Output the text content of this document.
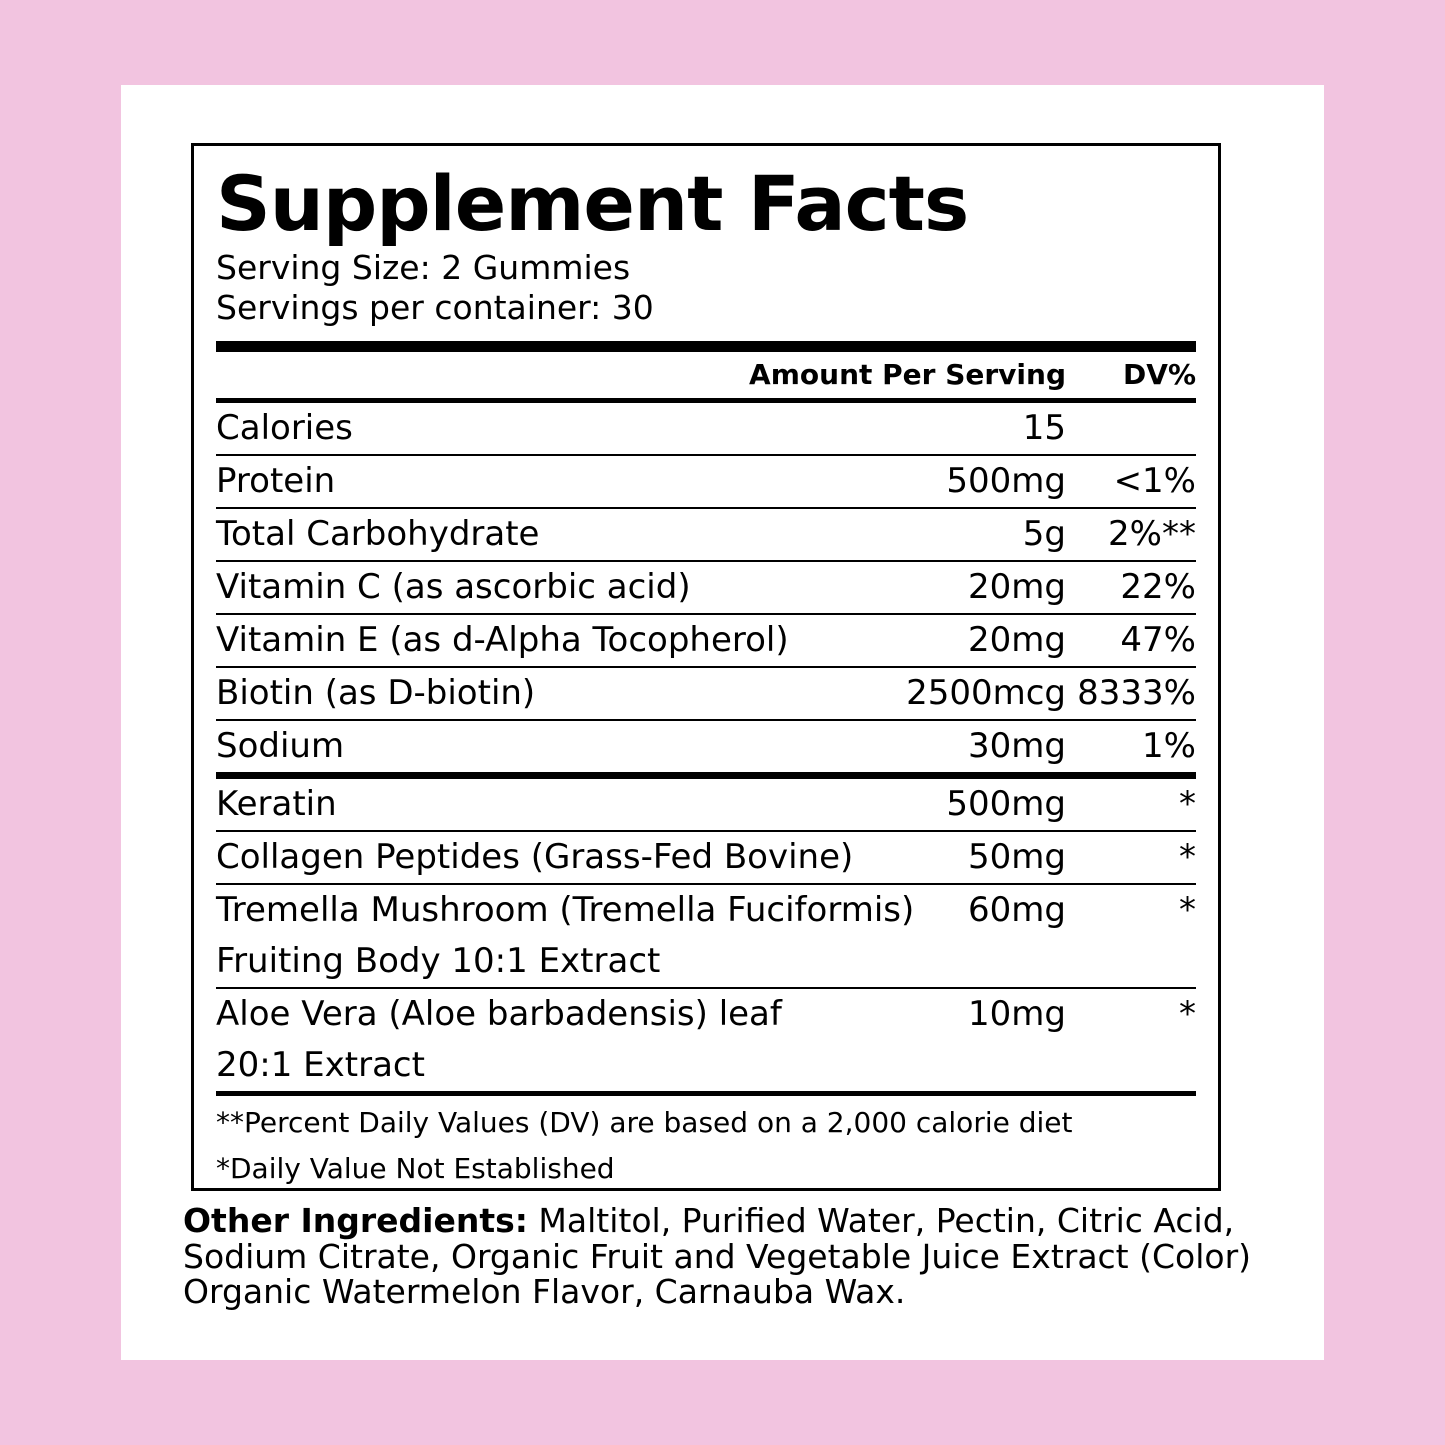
Supplement Facts
Serving Size: 2 Gummies
Servings per container: 30
Amount Per Serving	DV%
Calories	15	
Protein	500mg	<1%
Total Carbohydrate	5g	2%**
Vitamin C (as ascorbic acid)	20mg	22%
Vitamin E (as d-Alpha Tocopherol)	20mg	47%
Biotin (as D-biotin)	2500mcg	8333%
Sodium	30mg	1%
Keratin	500mg	*
Collagen Peptides (Grass-Fed Bovine)	50mg	*
Tremella Mushroom (Tremella Fuciformis)	60mg	*
Fruiting Body 10:1 Extract		
Aloe Vera (Aloe barbadensis) leaf	10mg	*
20:1 Extract		
**Percent Daily Values (DV) are based on a 2,000 calorie diet
*Daily Value Not Established
Other Ingredients: Maltitol, Purified Water, Pectin, Citric Acid, Sodium Citrate, Organic Fruit and Vegetable Juice Extract (Color) Organic Watermelon Flavor, Carnauba Wax.
